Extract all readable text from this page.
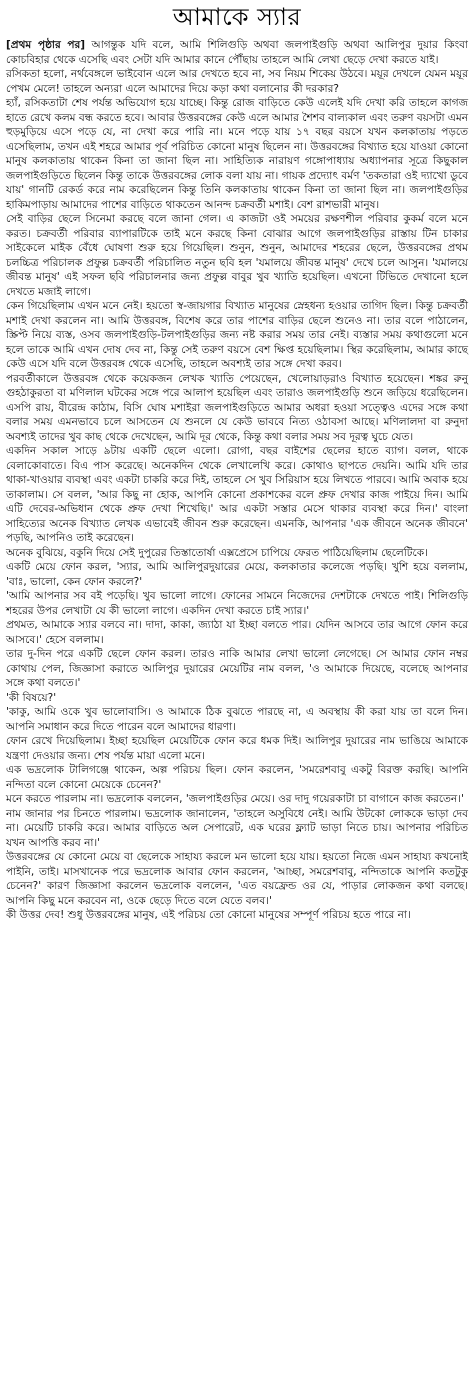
আমাকে স্যার

[প্রথম পৃষ্ঠার পর] আগন্তুক যদি বলে, আমি শিলিগুড়ি অথবা জলপাইগুড়ি অথবা আলিপুর দুয়ার কিংবা কোচবিহার থেকে এসেছি এবং সেটা যদি আমার কানে পৌঁছায় তাহলে আমি লেখা ছেড়ে দেখা করতে যাই।

রসিকতা হলো, নর্থবেঙ্গলে ভাইবোন এলে আর দেখতে হবে না, সব নিয়ম শিকেয় উঠবে। ময়ূর দেখলে যেমন ময়ূর পেখম মেলে! তাহলে অন্যরা এলে আমাদের দিয়ে কড়া কথা বলানোর কী দরকার?

হ্যাঁ, রসিকতাটা শেষ পর্যন্ত অভিযোগ হয়ে যাচ্ছে। কিন্তু রোজ বাড়িতে কেউ এলেই যদি দেখা করি তাহলে কাগজ হাতে রেখে কলম বন্ধ করতে হবে। আবার উত্তরবঙ্গের কেউ এলে আমার শৈশব বাল্যকাল এবং তরুণ বয়সটা এমন হুড়মুড়িয়ে এসে পড়ে যে, না দেখা করে পারি না। মনে পড়ে যায় ১৭ বছর বয়সে যখন কলকাতায় পড়তে এসেছিলাম, তখন এই শহরে আমার পূর্ব পরিচিত কোনো মানুষ ছিলেন না। উত্তরবঙ্গের বিখ্যাত হয়ে যাওয়া কোনো মানুষ কলকাতায় থাকেন কিনা তা জানা ছিল না। সাহিত্যিক নারায়ণ গঙ্গোপাধ্যায় অধ্যাপনার সূত্রে কিছুকাল জলপাইগুড়িতে ছিলেন কিন্তু তাকে উত্তরবঙ্গের লোক বলা যায় না। গায়ক প্রদ্যোৎ বর্মণ 'তকতারা ওই দ্যাখো ডুবে যায়' গানটি রেকর্ড করে নাম করেছিলেন কিন্তু তিনি কলকাতায় থাকেন কিনা তা জানা ছিল না। জলপাইগুড়ির হাকিমপাড়ায় আমাদের পাশের বাড়িতে থাকতেন আনন্দ চক্রবর্তী মশাই। বেশ রাশভারী মানুষ।

সেই বাড়ির ছেলে সিনেমা করছে বলে জানা গেল। এ কাজটা ওই সময়ের রক্ষণশীল পরিবার কুকর্ম বলে মনে করত। চক্রবর্তী পরিবার ব্যাপারটিকে তাই মনে করছে কিনা বোঝার আগে জলপাইগুড়ির রাস্তায় টিন চাকার সাইকেলে মাইক বেঁধে ঘোষণা শুরু হয়ে গিয়েছিল। শুনুন, শুনুন, আমাদের শহরের ছেলে, উত্তরবঙ্গের প্রথম চলচ্চিত্র পরিচালক প্রফুল্ল চক্রবর্তী পরিচালিত নতুন ছবি হল 'যমালয়ে জীবন্ত মানুষ' দেখে চলে আসুন। 'যমালয়ে জীবন্ত মানুষ' এই সফল ছবি পরিচালনার জন্য প্রফুল্ল বাবুর খুব খ্যাতি হয়েছিল। এখনো টিভিতে দেখানো হলে দেখতে মজাই লাগে।

কেন গিয়েছিলাম এখন মনে নেই। হয়তো স্ব-জায়গার বিখ্যাত মানুষের স্নেহধন্য হওয়ার তাগিদ ছিল। কিন্তু চক্রবর্তী মশাই দেখা করলেন না। আমি উত্তরবঙ্গ, বিশেষ করে তার পাশের বাড়ির ছেলে শুনেও না। তার বলে পাঠালেন, স্ক্রিপ্ট নিয়ে ব্যস্ত, ওসব জলপাইগুড়ি-টলপাইগুড়ির জন্য নষ্ট করার সময় তার নেই। ব্যস্তার সময় কথাগুলো মনে হলে তাকে আমি এখন দোষ দেব না, কিন্তু সেই তরুণ বয়সে বেশ ক্ষিপ্ত হয়েছিলাম। স্থির করেছিলাম, আমার কাছে কেউ এসে যদি বলে উত্তরবঙ্গ থেকে এসেছি, তাহলে অবশ্যই তার সঙ্গে দেখা করব।

পরবর্তীকালে উত্তরবঙ্গ থেকে কয়েকজন লেখক খ্যাতি পেয়েছেন, খেলোয়াড়রাও বিখ্যাত হয়েছেন। শঙ্কর রুনু গুহঠাকুরতা বা মণিলাল ঘটকের সঙ্গে পরে আলাপ হয়েছিল এবং তারাও জলপাইগুড়ি শুনে জড়িয়ে ধরেছিলেন। এসপি রায়, বীরেন্দ্র কাঠাম, বিসি ঘোষ মশাইরা জলপাইগুড়িতে আমার অধরা হওয়া সত্ত্বেও এদের সঙ্গে কথা বলার সময় এমনভাবে চলে আসতেন যে শুনলে যে কেউ ভাববে নিত্য ওঠাবসা আছে। মণিলালদা বা রুনুদা অবশ্যই তাদের খুব কাছ থেকে দেখেছেন, আমি দূর থেকে, কিন্তু কথা বলার সময় সব দূরত্ব ঘুচে যেত।

একদিন সকাল সাড়ে ৯টায় একটি ছেলে এলো। রোগা, বছর বাইশের ছেলের হাতে ব্যাগ। বলল, থাকে বেলাকোবাতে। বিএ পাস করেছে। অনেকদিন থেকে লেখালেখি করে। কোথাও ছাপতে দেয়নি। আমি যদি তার থাকা-খাওয়ার ব্যবস্থা এবং একটা চাকরি করে দিই, তাহলে সে খুব সিরিয়াস হয়ে লিখতে পারবে। আমি অবাক হয়ে তাকালাম। সে বলল, 'আর কিছু না হোক, আপনি কোনো প্রকাশকের বলে প্রুফ দেখার কাজ পাইয়ে দিন। আমি এটি দেবের-অভিধান থেকে প্রুফ দেখা শিখেছি।' আর একটা সস্তার মেসে থাকার ব্যবস্থা করে দিন।' বাংলা সাহিত্যের অনেক বিখ্যাত লেখক এভাবেই জীবন শুরু করেছেন। এমনকি, আপনার 'এক জীবনে অনেক জীবনে' পড়ছি, আপনিও তাই করেছেন।

অনেক বুঝিয়ে, বকুনি দিয়ে সেই দুপুরের তিস্তাতোর্ষা এক্সপ্রেসে চাপিয়ে ফেরত পাঠিয়েছিলাম ছেলেটিকে।

একটি মেয়ে ফোন করল, 'স্যার, আমি আলিপুরদুয়ারের মেয়ে, কলকাতার কলেজে পড়ছি। খুশি হয়ে বললাম, 'বাঃ, ভালো, কেন ফোন করলে?'

'আমি আপনার সব বই পড়েছি। খুব ভালো লাগে। ফোনের সামনে নিজেদের দেশটাকে দেখতে পাই। শিলিগুড়ি শহরের উপর লেখাটা যে কী ভালো লাগে। একদিন দেখা করতে চাই স্যার।'

প্রথমত, আমাকে স্যার বলবে না। দাদা, কাকা, জ্যাঠা যা ইচ্ছা বলতে পার। যেদিন আসবে তার আগে ফোন করে আসবে।' হেসে বললাম।

তার দু-দিন পরে একটি ছেলে ফোন করল। তারও নাকি আমার লেখা ভালো লেগেছে। সে আমার ফোন নম্বর কোথায় পেল, জিজ্ঞাসা করাতে আলিপুর দুয়ারের মেয়েটির নাম বলল, 'ও আমাকে দিয়েছে, বলেছে আপনার সঙ্গে কথা বলতে।'

'কী বিষয়ে?'

'কাকু, আমি ওকে খুব ভালোবাসি। ও আমাকে ঠিক বুঝতে পারছে না, এ অবস্থায় কী করা যায় তা বলে দিন। আপনি সমাধান করে দিতে পারেন বলে আমাদের ধারণা।

ফোন রেখে দিয়েছিলাম। ইচ্ছা হয়েছিল মেয়েটিকে ফোন করে ধমক দিই। আলিপুর দুয়ারের নাম ভাঙিয়ে আমাকে যন্ত্রণা দেওয়ার জন্য। শেষ পর্যন্ত মায়া এলো মনে।

এক ভদ্রলোক টালিগঞ্জে থাকেন, অল্প পরিচয় ছিল। ফোন করলেন, 'সমরেশবাবু একটু বিরক্ত করছি। আপনি নন্দিতা বলে কোনো মেয়েকে চেনেন?'

মনে করতে পারলাম না। ভদ্রলোক বললেন, 'জলপাইগুড়ির মেয়ে। ওর দাদু গয়েরকাটা চা বাগানে কাজ করতেন।'

নাম জানার পর চিনতে পারলাম। ভদ্রলোক জানালেন, 'তাহলে অসুবিধে নেই। আমি উটকো লোককে ভাড়া দেব না। মেয়েটি চাকরি করে। আমার বাড়িতে অল সেপারেট, এক ঘরের ফ্ল্যাট ভাড়া নিতে চায়। আপনার পরিচিত যখন আপত্তি করব না।'

উত্তরবঙ্গের যে কোনো মেয়ে বা ছেলেকে সাহায্য করলে মন ভালো হয়ে যায়। হয়তো নিজে এমন সাহায্য কখনোই পাইনি, তাই। মাসখানেক পরে ভদ্রলোক আবার ফোন করলেন, 'আচ্ছা, সমরেশবাবু, নন্দিতাকে আপনি কতটুকু চেনেন?' কারণ জিজ্ঞাসা করলেন ভদ্রলোক বললেন, 'এত বয়ফ্রেন্ড ওর যে, পাড়ার লোকজন কথা বলছে। আপনি কিছু মনে করবেন না, ওকে ছেড়ে দিতে বলে যেতে বলব।'

কী উত্তর দেব! শুধু উত্তরবঙ্গের মানুষ, এই পরিচয় তো কোনো মানুষের সম্পূর্ণ পরিচয় হতে পারে না।
